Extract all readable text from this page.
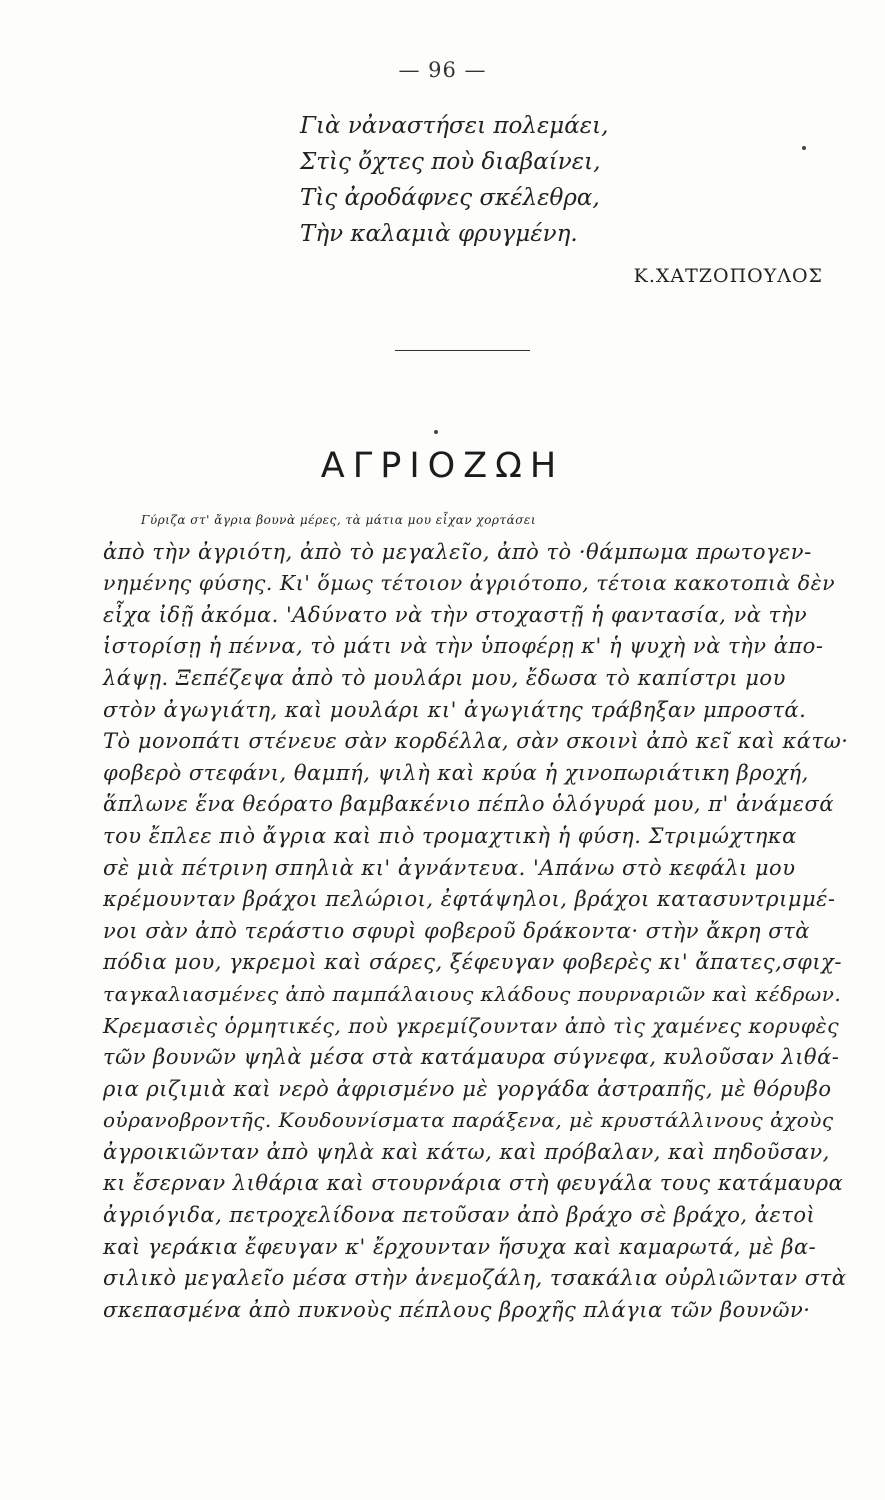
— 96 —
Γιὰ νἀναστήσει πολεμάει,
Στὶς ὄχτες ποὺ διαβαίνει,
Τὶς ἀροδάφνες σκέλεθρα,
Τὴν καλαμιὰ φρυγμένη.
Κ.ΧΑΤΖΟΠΟΥΛΟΣ
ΑΓΡΙΟΖΩΗ
Γύριζα στ' ἄγρια βουνὰ μέρες, τὰ μάτια μου εἶχαν χορτάσει
ἀπὸ τὴν ἀγριότη, ἀπὸ τὸ μεγαλεῖο, ἀπὸ τὸ ·θάμπωμα πρωτογεν-
νημένης φύσης. Κι' ὅμως τέτοιον ἀγριότοπο, τέτοια κακοτοπιὰ δὲν
εἶχα ἰδῇ ἀκόμα. 'Αδύνατο νὰ τὴν στοχαστῇ ἡ φαντασία, νὰ τὴν
ἱστορίσῃ ἡ πέννα, τὸ μάτι νὰ τὴν ὑποφέρῃ κ' ἡ ψυχὴ νὰ τὴν ἀπο-
λάψῃ. Ξεπέζεψα ἀπὸ τὸ μουλάρι μου, ἔδωσα τὸ καπίστρι μου
στὸν ἀγωγιάτη, καὶ μουλάρι κι' ἀγωγιάτης τράβηξαν μπροστά.
Τὸ μονοπάτι στένευε σὰν κορδέλλα, σὰν σκοινὶ ἀπὸ κεῖ καὶ κάτω·
φοβερὸ στεφάνι, θαμπή, ψιλὴ καὶ κρύα ἡ χινοπωριάτικη βροχή,
ἅπλωνε ἕνα θεόρατο βαμβακένιο πέπλο ὁλόγυρά μου, π' ἀνάμεσά
του ἔπλεε πιὸ ἄγρια καὶ πιὸ τρομαχτικὴ ἡ φύση. Στριμώχτηκα
σὲ μιὰ πέτρινη σπηλιὰ κι' ἀγνάντευα. 'Απάνω στὸ κεφάλι μου
κρέμουνταν βράχοι πελώριοι, ἐφτάψηλοι, βράχοι κατασυντριμμέ-
νοι σὰν ἀπὸ τεράστιο σφυρὶ φοβεροῦ δράκοντα· στὴν ἄκρη στὰ
πόδια μου, γκρεμοὶ καὶ σάρες, ξέφευγαν φοβερὲς κι' ἄπατες,σφιχ-
ταγκαλιασμένες ἀπὸ παμπάλαιους κλάδους πουρναριῶν καὶ κέδρων.
Κρεμασιὲς ὁρμητικές, ποὺ γκρεμίζουνταν ἀπὸ τὶς χαμένες κορυφὲς
τῶν βουνῶν ψηλὰ μέσα στὰ κατάμαυρα σύγνεφα, κυλοῦσαν λιθά-
ρια ριζιμιὰ καὶ νερὸ ἀφρισμένο μὲ γοργάδα ἀστραπῆς, μὲ θόρυβο
οὐρανοβροντῆς. Κουδουνίσματα παράξενα, μὲ κρυστάλλινους ἀχοὺς
ἀγροικιῶνταν ἀπὸ ψηλὰ καὶ κάτω, καὶ πρόβαλαν, καὶ πηδοῦσαν,
κι ἔσερναν λιθάρια καὶ στουρνάρια στὴ φευγάλα τους κατάμαυρα
ἀγριόγιδα, πετροχελίδονα πετοῦσαν ἀπὸ βράχο σὲ βράχο, ἀετοὶ
καὶ γεράκια ἔφευγαν κ' ἔρχουνταν ἥσυχα καὶ καμαρωτά, μὲ βα-
σιλικὸ μεγαλεῖο μέσα στὴν ἀνεμοζάλη, τσακάλια οὐρλιῶνταν στὰ
σκεπασμένα ἀπὸ πυκνοὺς πέπλους βροχῆς πλάγια τῶν βουνῶν·
